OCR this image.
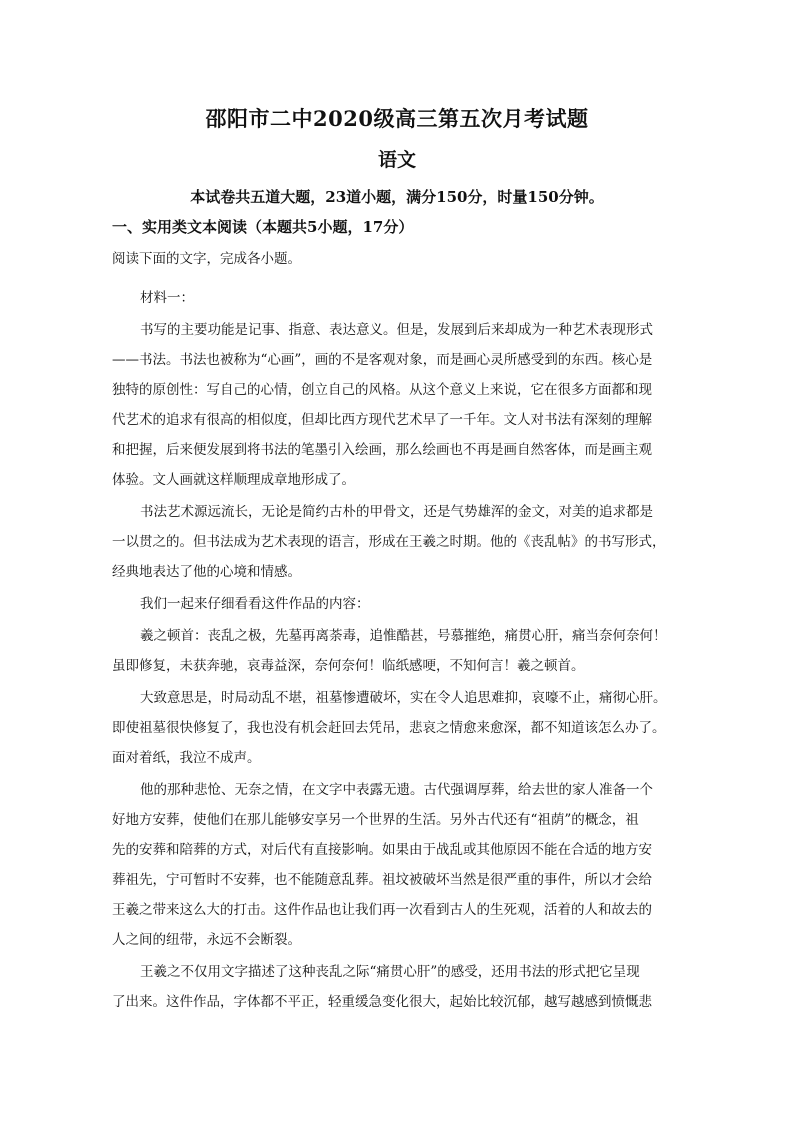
邵阳市二中2020级高三第五次月考试题
语文
本试卷共五道大题，23道小题，满分150分，时量150分钟。
一、实用类文本阅读（本题共5小题，17分）
阅读下面的文字，完成各小题。
材料一：
书写的主要功能是记事、指意、表达意义。但是，发展到后来却成为一种艺术表现形式
——书法。书法也被称为“心画”，画的不是客观对象，而是画心灵所感受到的东西。核心是
独特的原创性：写自己的心情，创立自己的风格。从这个意义上来说，它在很多方面都和现
代艺术的追求有很高的相似度，但却比西方现代艺术早了一千年。文人对书法有深刻的理解
和把握，后来便发展到将书法的笔墨引入绘画，那么绘画也不再是画自然客体，而是画主观
体验。文人画就这样顺理成章地形成了。
书法艺术源远流长，无论是简约古朴的甲骨文，还是气势雄浑的金文，对美的追求都是
一以贯之的。但书法成为艺术表现的语言，形成在王羲之时期。他的《丧乱帖》的书写形式，
经典地表达了他的心境和情感。
我们一起来仔细看看这件作品的内容：
羲之顿首：丧乱之极，先墓再离荼毒，追惟酷甚，号慕摧绝，痛贯心肝，痛当奈何奈何！
虽即修复，未获奔驰，哀毒益深，奈何奈何！临纸感哽，不知何言！羲之顿首。
大致意思是，时局动乱不堪，祖墓惨遭破坏，实在令人追思难抑，哀嚎不止，痛彻心肝。
即使祖墓很快修复了，我也没有机会赶回去凭吊，悲哀之情愈来愈深，都不知道该怎么办了。
面对着纸，我泣不成声。
他的那种悲怆、无奈之情，在文字中表露无遗。古代强调厚葬，给去世的家人准备一个
好地方安葬，使他们在那儿能够安享另一个世界的生活。另外古代还有“祖荫”的概念，祖
先的安葬和陪葬的方式，对后代有直接影响。如果由于战乱或其他原因不能在合适的地方安
葬祖先，宁可暂时不安葬，也不能随意乱葬。祖坟被破坏当然是很严重的事件，所以才会给
王羲之带来这么大的打击。这件作品也让我们再一次看到古人的生死观，活着的人和故去的
人之间的纽带，永远不会断裂。
王羲之不仅用文字描述了这种丧乱之际“痛贯心肝”的感受，还用书法的形式把它呈现
了出来。这件作品，字体都不平正，轻重缓急变化很大，起始比较沉郁，越写越感到愤慨悲
